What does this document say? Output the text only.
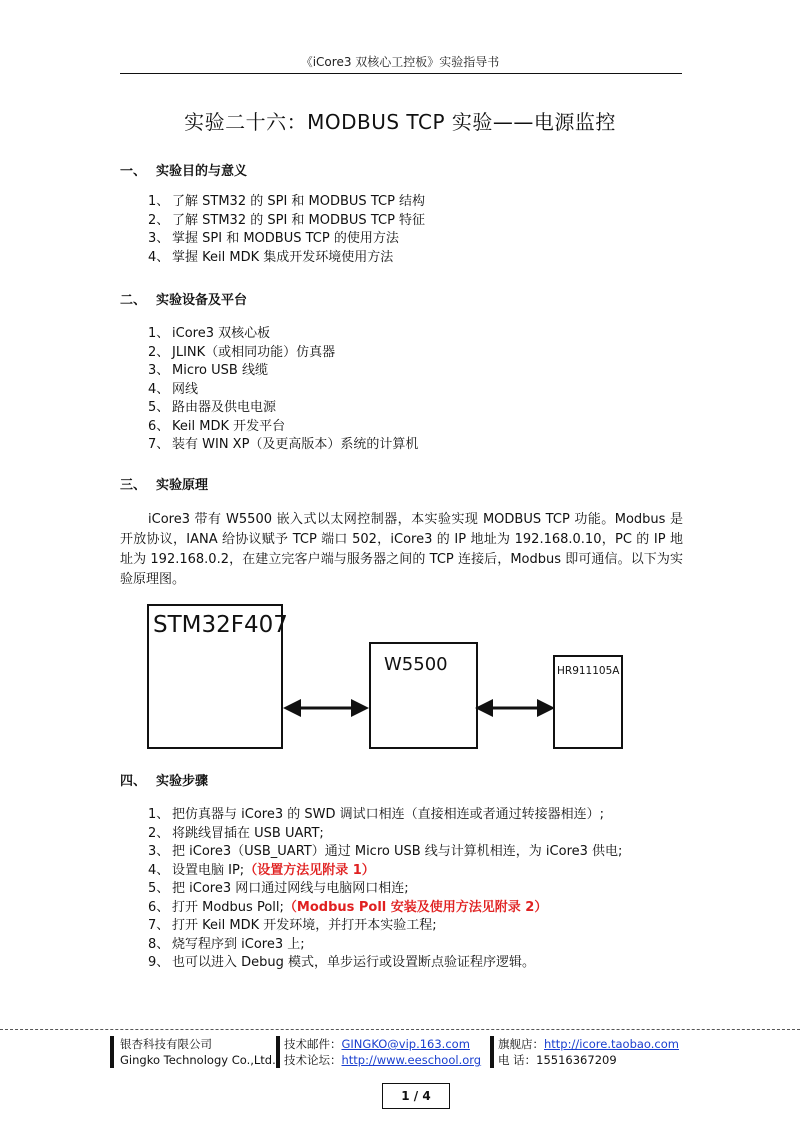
《iCore3 双核心工控板》实验指导书
实验二十六：MODBUS TCP 实验——电源监控
一、 实验目的与意义
1、 了解 STM32 的 SPI 和 MODBUS TCP 结构
2、 了解 STM32 的 SPI 和 MODBUS TCP 特征
3、 掌握 SPI 和 MODBUS TCP 的使用方法
4、 掌握 Keil MDK 集成开发环境使用方法
二、 实验设备及平台
1、 iCore3 双核心板
2、 JLINK（或相同功能）仿真器
3、 Micro USB 线缆
4、 网线
5、 路由器及供电电源
6、 Keil MDK 开发平台
7、 装有 WIN XP（及更高版本）系统的计算机
三、 实验原理
iCore3 带有 W5500 嵌入式以太网控制器，本实验实现 MODBUS TCP 功能。Modbus 是开放协议，IANA 给协议赋予 TCP 端口 502，iCore3 的 IP 地址为 192.168.0.10，PC 的 IP 地址为 192.168.0.2，在建立完客户端与服务器之间的 TCP 连接后，Modbus 即可通信。以下为实验原理图。
STM32F407
W5500	HR911105A
四、 实验步骤
1、 把仿真器与 iCore3 的 SWD 调试口相连（直接相连或者通过转接器相连）;
2、 将跳线冒插在 USB UART;
3、 把 iCore3（USB_UART）通过 Micro USB 线与计算机相连，为 iCore3 供电;
4、 设置电脑 IP;（设置方法见附录 1）
5、 把 iCore3 网口通过网线与电脑网口相连;
6、 打开 Modbus Poll;（Modbus Poll 安装及使用方法见附录 2）
7、 打开 Keil MDK 开发环境，并打开本实验工程;
8、 烧写程序到 iCore3 上;
9、 也可以进入 Debug 模式，单步运行或设置断点验证程序逻辑。
银杏科技有限公司
Gingko Technology Co.,Ltd.
技术邮件：GINGKO@vip.163.com
技术论坛：http://www.eeschool.org
旗舰店：http://icore.taobao.com
电 话：15516367209
1 / 4
